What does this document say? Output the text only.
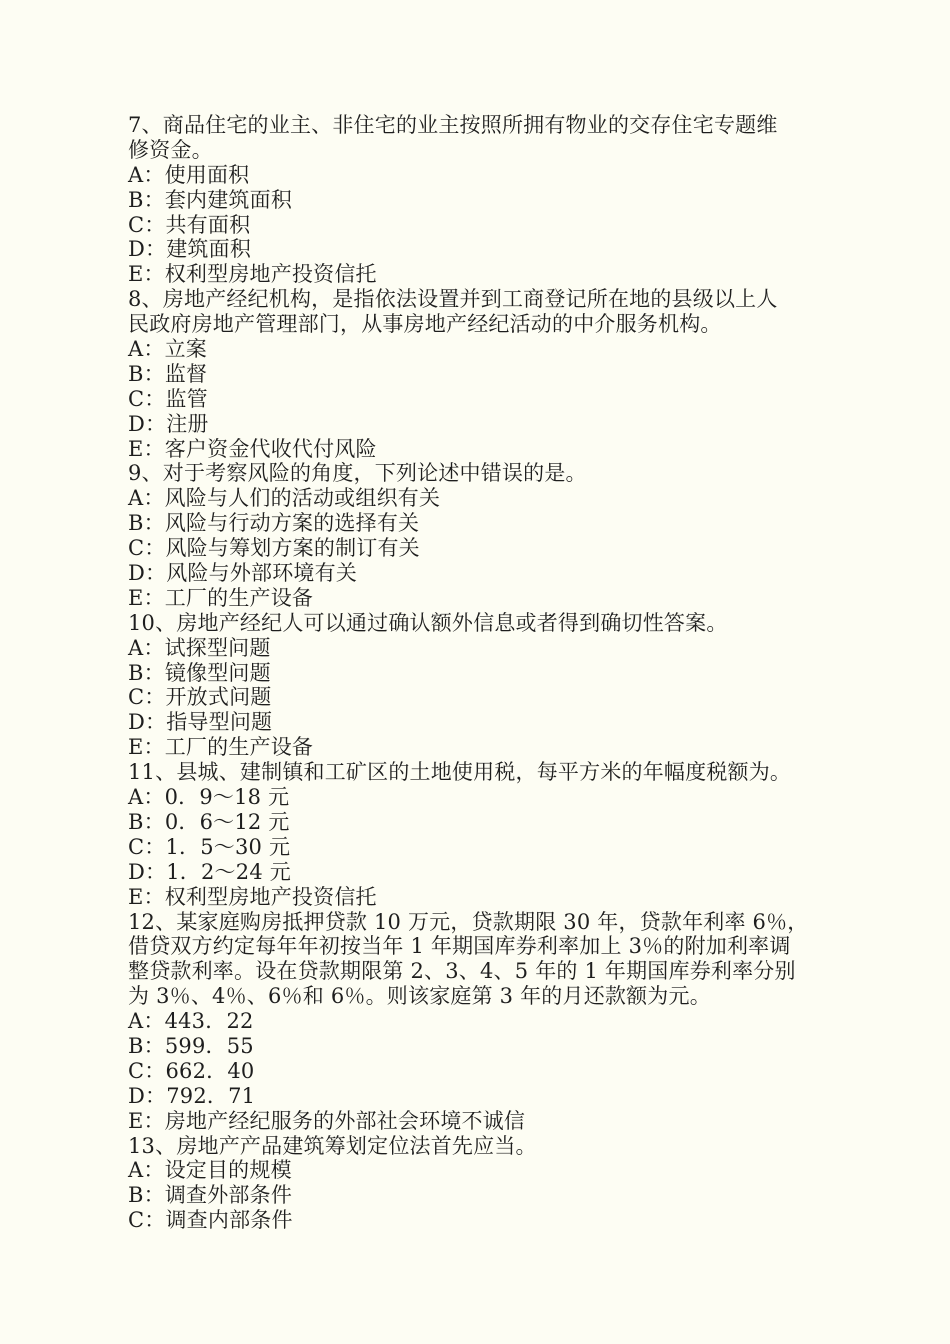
7、商品住宅的业主、非住宅的业主按照所拥有物业的交存住宅专题维
修资金。
A：使用面积
B：套内建筑面积
C：共有面积
D：建筑面积
E：权利型房地产投资信托
8、房地产经纪机构，是指依法设置并到工商登记所在地的县级以上人
民政府房地产管理部门，从事房地产经纪活动的中介服务机构。
A：立案
B：监督
C：监管
D：注册
E：客户资金代收代付风险
9、对于考察风险的角度，下列论述中错误的是。
A：风险与人们的活动或组织有关
B：风险与行动方案的选择有关
C：风险与筹划方案的制订有关
D：风险与外部环境有关
E：工厂的生产设备
10、房地产经纪人可以通过确认额外信息或者得到确切性答案。
A：试探型问题
B：镜像型问题
C：开放式问题
D：指导型问题
E：工厂的生产设备
11、县城、建制镇和工矿区的土地使用税，每平方米的年幅度税额为。
A：0．9～18 元
B：0．6～12 元
C：1．5～30 元
D：1．2～24 元
E：权利型房地产投资信托
12、某家庭购房抵押贷款 10 万元，贷款期限 30 年，贷款年利率 6％，
借贷双方约定每年年初按当年 1 年期国库券利率加上 3％的附加利率调
整贷款利率。设在贷款期限第 2、3、4、5 年的 1 年期国库券利率分别
为 3％、4％、6％和 6％。则该家庭第 3 年的月还款额为元。
A：443．22
B：599．55
C：662．40
D：792．71
E：房地产经纪服务的外部社会环境不诚信
13、房地产产品建筑筹划定位法首先应当。
A：设定目的规模
B：调查外部条件
C：调查内部条件
